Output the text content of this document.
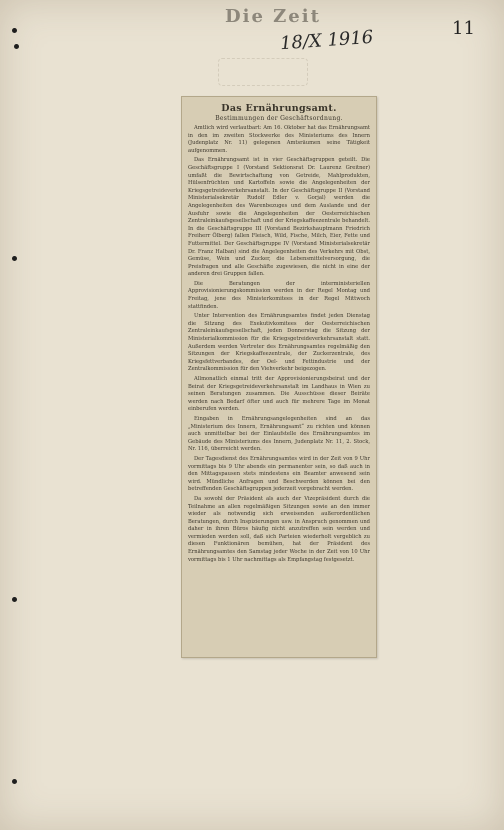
Die Zeit
11
18/X 1916
Das Ernährungsamt.
Bestimmungen der Geschäftsordnung.

Amtlich wird verlautbart: Am 16. Oktober hat das Ernährungsamt in den im zweiten Stockwerke des Ministeriums des Innern (Judenplatz Nr. 11) gelegenen Amtsräumen seine Tätigkeit aufgenommen.

Das Ernährungsamt ist in vier Geschäftsgruppen geteilt. Die Geschäftsgruppe I (Vorstand Sektionsrat Dr. Laurenz Greitner) umfaßt die Bewirtschaftung von Getreide, Mahlprodukten, Hülsenfrüchten und Kartoffeln sowie die Angelegenheiten der Kriegsgetreideverkehrsanstalt. In der Geschäftsgruppe II (Vorstand Ministerialsekretär Rudolf Edler v. Gorjal) werden die Angelegenheiten des Warenbezuges und dem Auslande und der Ausfuhr sowie die Angelegenheiten der Oesterreichischen Zentraleinkaufsgesellschaft und der Kriegskaffeezentrale behandelt. In die Geschäftsgruppe III (Vorstand Bezirkshauptmann Friedrich Freiherr Ölberg) fallen Fleisch, Wild, Fische, Milch, Eier, Fette und Futtermittel. Der Geschäftsgruppe IV (Vorstand Ministerialsekretär Dr. Franz Halban) sind die Angelegenheiten des Verkehrs mit Obst, Gemüse, Wein und Zucker, die Lebensmittelversorgung, die Preisfragen und alle Geschäfte zugewiesen, die nicht in eine der anderen drei Gruppen fallen.

Die Beratungen der interministeriellen Approvisionierungskommission werden in der Regel Montag und Freitag, jene des Ministerkomitees in der Regel Mittwoch stattfinden.

Unter Intervention des Ernährungsamtes findet jeden Dienstag die Sitzung des Exekutivkomitees der Oesterreichischen Zentraleinkaufsgesellschaft, jeden Donnerstag die Sitzung der Ministerialkommission für die Kriegsgetreideverkehrsanstalt statt. Außerdem werden Vertreter des Ernährungsamtes regelmäßig den Sitzungen der Kriegskaffeezentrale, der Zuckerzentrale, des Kriegsfettverbandes, der Oel- und Fettindustrie und der Zentralkommission für den Viehverkehr beigezogen.

Allmonatlich einmal tritt der Approvisionierungsbeirat und der Beirat der Kriegsgetreideverkehrsanstalt im Landhaus in Wien zu seinen Beratungen zusammen. Die Ausschüsse dieser Beiräte werden nach Bedarf öfter und auch für mehrere Tage im Monat einberufen werden.

Eingaben in Ernährungsangelegenheiten sind an das „Ministerium des Innern, Ernährungsamt“ zu richten und können auch unmittelbar bei der Einlaufstelle des Ernährungsamtes im Gebäude des Ministeriums des Innern, Judenplatz Nr. 11, 2. Stock, Nr. 116, überreicht werden.

Der Tagesdienst des Ernährungsamtes wird in der Zeit von 9 Uhr vormittags bis 9 Uhr abends ein permanenter sein, so daß auch in den Mittagspausen stets mindestens ein Beamter anwesend sein wird. Mündliche Anfragen und Beschwerden können bei den betreffenden Geschäftsgruppen jederzeit vorgebracht werden.

Da sowohl der Präsident als auch der Vizepräsident durch die Teilnahme an allen regelmäßigen Sitzungen sowie an den immer wieder als notwendig sich erweisenden außerordentlichen Beratungen, durch Inspizierungen usw. in Anspruch genommen und daher in ihren Büros häufig nicht anzutreffen sein werden und vermieden werden soll, daß sich Parteien wiederholt vergeblich zu diesen Funktionären bemühen, hat der Präsident des Ernährungsamtes den Samstag jeder Woche in der Zeit von 10 Uhr vormittags bis 1 Uhr nachmittags als Empfangstag festgesetzt.
